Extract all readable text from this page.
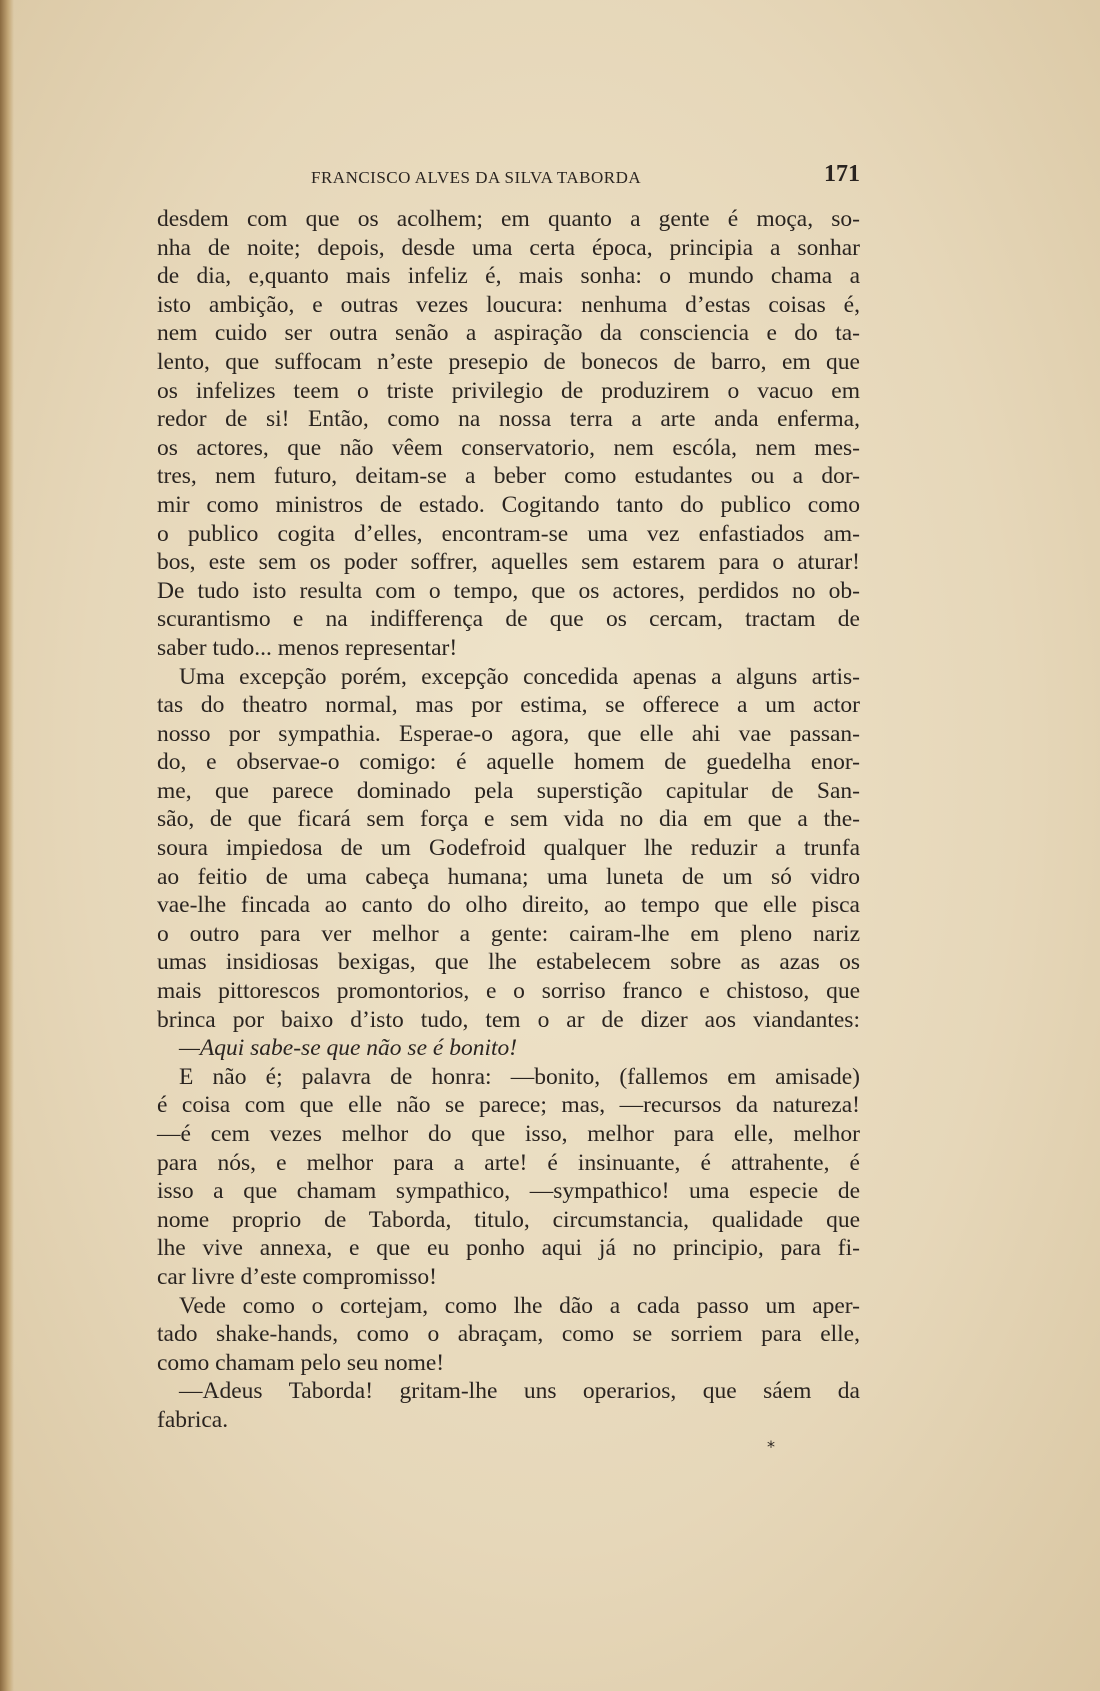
FRANCISCO ALVES DA SILVA TABORDA	171
desdem com que os acolhem; em quanto a gente é moça, so-
nha de noite; depois, desde uma certa época, principia a sonhar
de dia, e,quanto mais infeliz é, mais sonha: o mundo chama a
isto ambição, e outras vezes loucura: nenhuma d’estas coisas é,
nem cuido ser outra senão a aspiração da consciencia e do ta-
lento, que suffocam n’este presepio de bonecos de barro, em que
os infelizes teem o triste privilegio de produzirem o vacuo em
redor de si! Então, como na nossa terra a arte anda enferma,
os actores, que não vêem conservatorio, nem escóla, nem mes-
tres, nem futuro, deitam-se a beber como estudantes ou a dor-
mir como ministros de estado. Cogitando tanto do publico como
o publico cogita d’elles, encontram-se uma vez enfastiados am-
bos, este sem os poder soffrer, aquelles sem estarem para o aturar!
De tudo isto resulta com o tempo, que os actores, perdidos no ob-
scurantismo e na indifferença de que os cercam, tractam de
saber tudo... menos representar!
Uma excepção porém, excepção concedida apenas a alguns artis-
tas do theatro normal, mas por estima, se offerece a um actor
nosso por sympathia. Esperae-o agora, que elle ahi vae passan-
do, e observae-o comigo: é aquelle homem de guedelha enor-
me, que parece dominado pela superstição capitular de San-
são, de que ficará sem força e sem vida no dia em que a the-
soura impiedosa de um Godefroid qualquer lhe reduzir a trunfa
ao feitio de uma cabeça humana; uma luneta de um só vidro
vae-lhe fincada ao canto do olho direito, ao tempo que elle pisca
o outro para ver melhor a gente: cairam-lhe em pleno nariz
umas insidiosas bexigas, que lhe estabelecem sobre as azas os
mais pittorescos promontorios, e o sorriso franco e chistoso, que
brinca por baixo d’isto tudo, tem o ar de dizer aos viandantes:
—Aqui sabe-se que não se é bonito!
E não é; palavra de honra: —bonito, (fallemos em amisade)
é coisa com que elle não se parece; mas, —recursos da natureza!
—é cem vezes melhor do que isso, melhor para elle, melhor
para nós, e melhor para a arte! é insinuante, é attrahente, é
isso a que chamam sympathico, —sympathico! uma especie de
nome proprio de Taborda, titulo, circumstancia, qualidade que
lhe vive annexa, e que eu ponho aqui já no principio, para fi-
car livre d’este compromisso!
Vede como o cortejam, como lhe dão a cada passo um aper-
tado shake-hands, como o abraçam, como se sorriem para elle,
como chamam pelo seu nome!
—Adeus Taborda! gritam-lhe uns operarios, que sáem da
fabrica.
*
